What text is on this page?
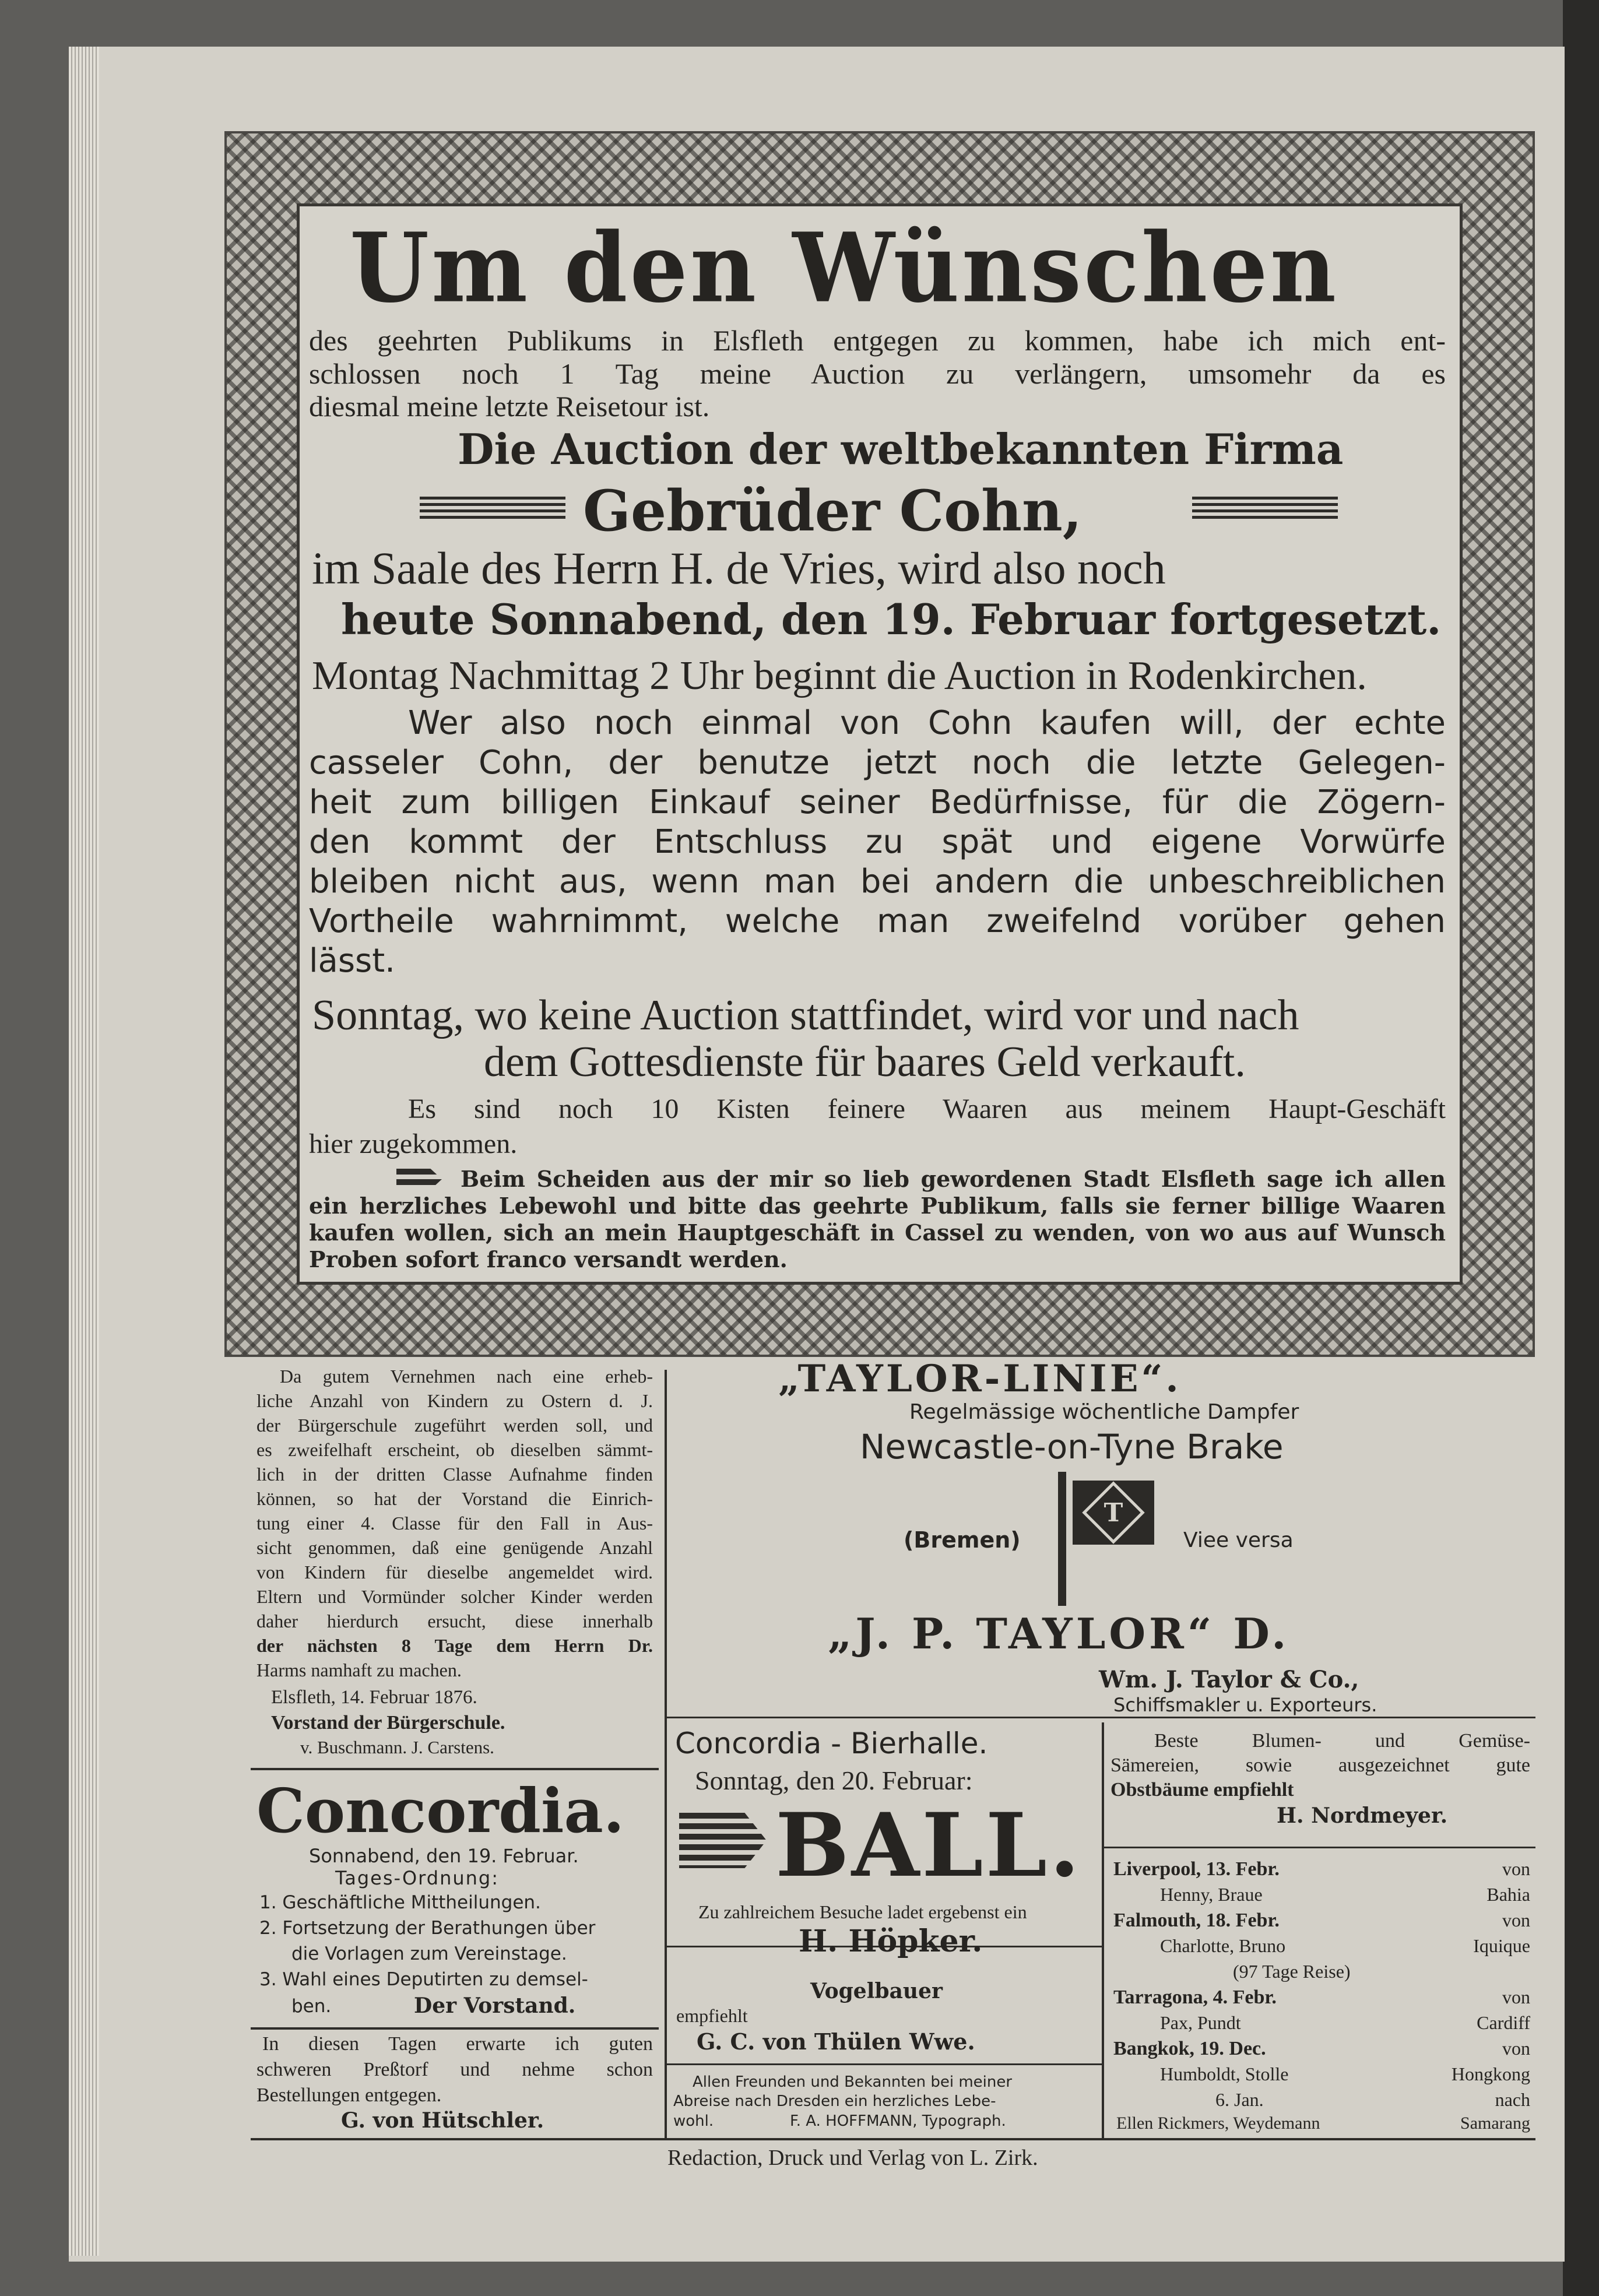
Um den Wünschen
des geehrten Publikums in Elsfleth entgegen zu kommen, habe ich mich ent-
schlossen noch 1 Tag meine Auction zu verlängern, umsomehr da es
diesmal meine letzte Reisetour ist.
Die Auction der weltbekannten Firma
Gebrüder Cohn,
im Saale des Herrn H. de Vries, wird also noch
heute Sonnabend, den 19. Februar fortgesetzt.
Montag Nachmittag 2 Uhr beginnt die Auction in Rodenkirchen.
Wer also noch einmal von Cohn kaufen will, der echte
casseler Cohn, der benutze jetzt noch die letzte Gelegen-
heit zum billigen Einkauf seiner Bedürfnisse, für die Zögern-
den kommt der Entschluss zu spät und eigene Vorwürfe
bleiben nicht aus, wenn man bei andern die unbeschreiblichen
Vortheile wahrnimmt, welche man zweifelnd vorüber gehen
lässt.
Sonntag, wo keine Auction stattfindet, wird vor und nach
dem Gottesdienste für baares Geld verkauft.
Es sind noch 10 Kisten feinere Waaren aus meinem Haupt-Geschäft
hier zugekommen.
Beim Scheiden aus der mir so lieb gewordenen Stadt Elsfleth sage ich allen
ein herzliches Lebewohl und bitte das geehrte Publikum, falls sie ferner billige Waaren
kaufen wollen, sich an mein Hauptgeschäft in Cassel zu wenden, von wo aus auf Wunsch
Proben sofort franco versandt werden.
Da gutem Vernehmen nach eine erheb-
liche Anzahl von Kindern zu Ostern d. J.
der Bürgerschule zugeführt werden soll, und
es zweifelhaft erscheint, ob dieselben sämmt-
lich in der dritten Classe Aufnahme finden
können, so hat der Vorstand die Einrich-
tung einer 4. Classe für den Fall in Aus-
sicht genommen, daß eine genügende Anzahl
von Kindern für dieselbe angemeldet wird.
Eltern und Vormünder solcher Kinder werden
daher hierdurch ersucht, diese innerhalb
der nächsten 8 Tage dem Herrn Dr.
Harms namhaft zu machen.
Elsfleth, 14. Februar 1876.
Vorstand der Bürgerschule.
v. Buschmann. J. Carstens.
„TAYLOR-LINIE“.
Regelmässige wöchentliche Dampfer
Newcastle-on-Tyne Brake
T
(Bremen)	Viee versa
„J. P. TAYLOR“ D.
Wm. J. Taylor & Co.,
Schiffsmakler u. Exporteurs.
Concordia.
Sonnabend, den 19. Februar.
Tages-Ordnung:
1. Geschäftliche Mittheilungen.
2. Fortsetzung der Berathungen über
die Vorlagen zum Vereinstage.
3. Wahl eines Deputirten zu demsel-
ben.	Der Vorstand.
In diesen Tagen erwarte ich guten
schweren Preßtorf und nehme schon
Bestellungen entgegen.
G. von Hütschler.
Concordia - Bierhalle.
Sonntag, den 20. Februar:
BALL.
Zu zahlreichem Besuche ladet ergebenst ein
H. Höpker.
Vogelbauer
empfiehlt
G. C. von Thülen Wwe.
Allen Freunden und Bekannten bei meiner
Abreise nach Dresden ein herzliches Lebe-
wohl.	F. A. HOFFMANN, Typograph.
Beste Blumen- und Gemüse-
Sämereien, sowie ausgezeichnet gute
Obstbäume empfiehlt
H. Nordmeyer.
Liverpool, 13. Febr.	von
Henny, Braue	Bahia
Falmouth, 18. Febr.	von
Charlotte, Bruno	Iquique
(97 Tage Reise)
Tarragona, 4. Febr.	von
Pax, Pundt	Cardiff
Bangkok, 19. Dec.	von
Humboldt, Stolle	Hongkong
6. Jan.	nach
Ellen Rickmers, Weydemann	Samarang
Redaction, Druck und Verlag von L. Zirk.
